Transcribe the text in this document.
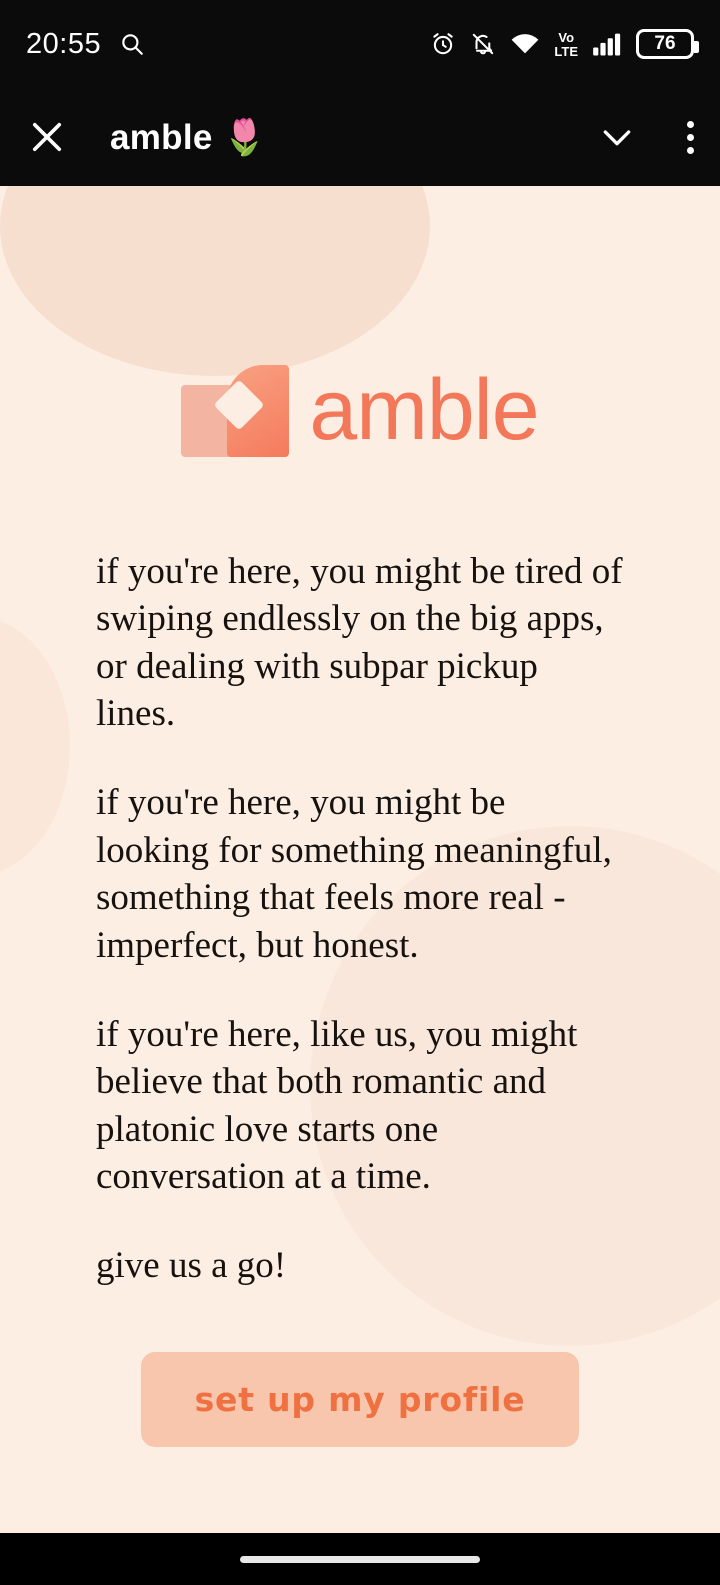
20:55	Vo
LTE	76
amble 🌷
amble

if you're here, you might be tired of swiping endlessly on the big apps, or dealing with subpar pickup lines.

if you're here, you might be looking for something meaningful, something that feels more real - imperfect, but honest.

if you're here, like us, you might believe that both romantic and platonic love starts one conversation at a time.

give us a go!

set up my profile
